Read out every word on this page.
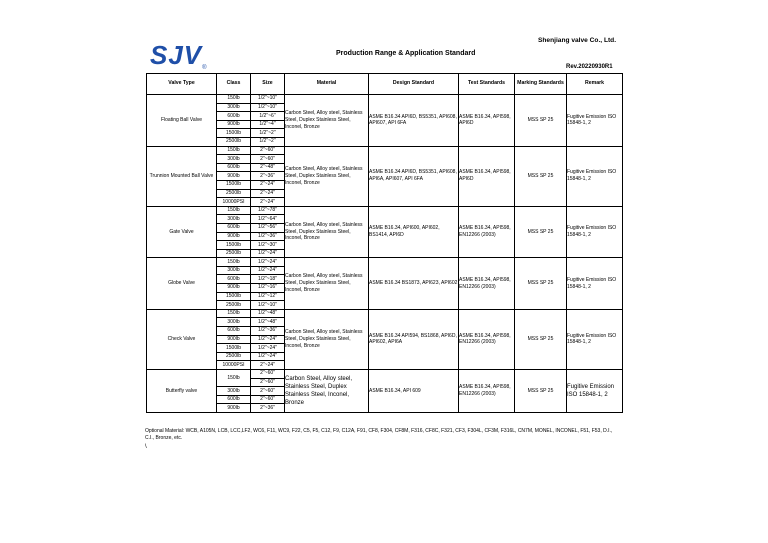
SJV®
Shenjiang valve Co., Ltd.
Production Range & Application Standard
Rev.20220930R1
Valve Type	Class	Size	Material	Design Standard	Test Standards	Marking Standards	Remark
Floating Ball Valve	150lb	1/2"~10"	Carbon Steel, Alloy steel, Stainless Steel, Duplex Stainless Steel, Inconel, Bronze	ASME B16.34 API6D, BS5351, API608, API607, API 6FA	ASME B16.34, API598, API6D	MSS SP 25	Fugitive Emission ISO 15848-1, 2
	300lb	1/2"~10"					
	600lb	1/2"~6"					
	900lb	1/2"~4"					
	1500lb	1/2"~2"					
	2500lb	1/2"~2"					
Trunnion Mounted Ball Valve	150lb	2"~60"	Carbon Steel, Alloy steel, Stainless Steel, Duplex Stainless Steel, Inconel, Bronze	ASME B16.34 API6D, BS5351, API608, API6A, API607, API 6FA	ASME B16.34, API598, API6D	MSS SP 25	Fugitive Emission ISO 15848-1, 2
	300lb	2"~60"					
	600lb	2"~48"					
	900lb	2"~36"					
	1500lb	2"~24"					
	2500lb	2"~24"					
	10000PSI	2"~24"					
Gate Valve	150lb	1/2"~78"	Carbon Steel, Alloy steel, Stainless Steel, Duplex Stainless Steel, Inconel, Bronze	ASME B16.34, API600, API602, BS1414, API6D	ASME B16.34, API598, EN12266 (2003)	MSS SP 25	Fugitive Emission ISO 15848-1, 2
	300lb	1/2"~64"					
	600lb	1/2"~56"					
	900lb	1/2"~36"					
	1500lb	1/2"~30"					
	2500lb	1/2"~24"					
Globe Valve	150lb	1/2"~24"	Carbon Steel, Alloy steel, Stainless Steel, Duplex Stainless Steel, Inconel, Bronze	ASME B16.34 BS1873, API623, API602	ASME B16.34, API598, EN12266 (2003)	MSS SP 25	Fugitive Emission ISO 15848-1, 2
	300lb	1/2"~24"					
	600lb	1/2"~18"					
	900lb	1/2"~16"					
	1500lb	1/2"~12"					
	2500lb	1/2"~10"					
Check Valve	150lb	1/2"~48"	Carbon Steel, Alloy steel, Stainless Steel, Duplex Stainless Steel, Inconel, Bronze	ASME B16.34 API594, BS1868, API6D, API602, API6A	ASME B16.34, API598, EN12266 (2003)	MSS SP 25	Fugitive Emission ISO 15848-1, 2
	300lb	1/2"~48"					
	600lb	1/2"~36"					
	900lb	1/2"~24"					
	1500lb	1/2"~24"					
	2500lb	1/2"~24"					
	10000PSI	2"~24"					
Butterfly valve	150lb	2"~60"	Carbon Steel, Alloy steel, Stainless Steel, Duplex Stainless Steel, Inconel, Bronze	ASME B16.34, API 609	ASME B16.34, API598, EN12266 (2003)	MSS SP 25	Fugitive Emission ISO 15848-1, 2
		2"~60"					
	300lb	2"~60"					
	600lb	2"~60"					
	900lb	2"~36"					
Optional Material: WCB, A105N, LCB, LCC,LF2, WC6, F11, WC9, F22, C5, F5, C12, F9, C12A, F91, CF8, F304, CF8M, F316, CF8C, F321, CF3, F304L, CF3M, F316L, CN7M, MONEL, INCONEL, F51, F53, D.I., C.I., Bronze, etc.
\
